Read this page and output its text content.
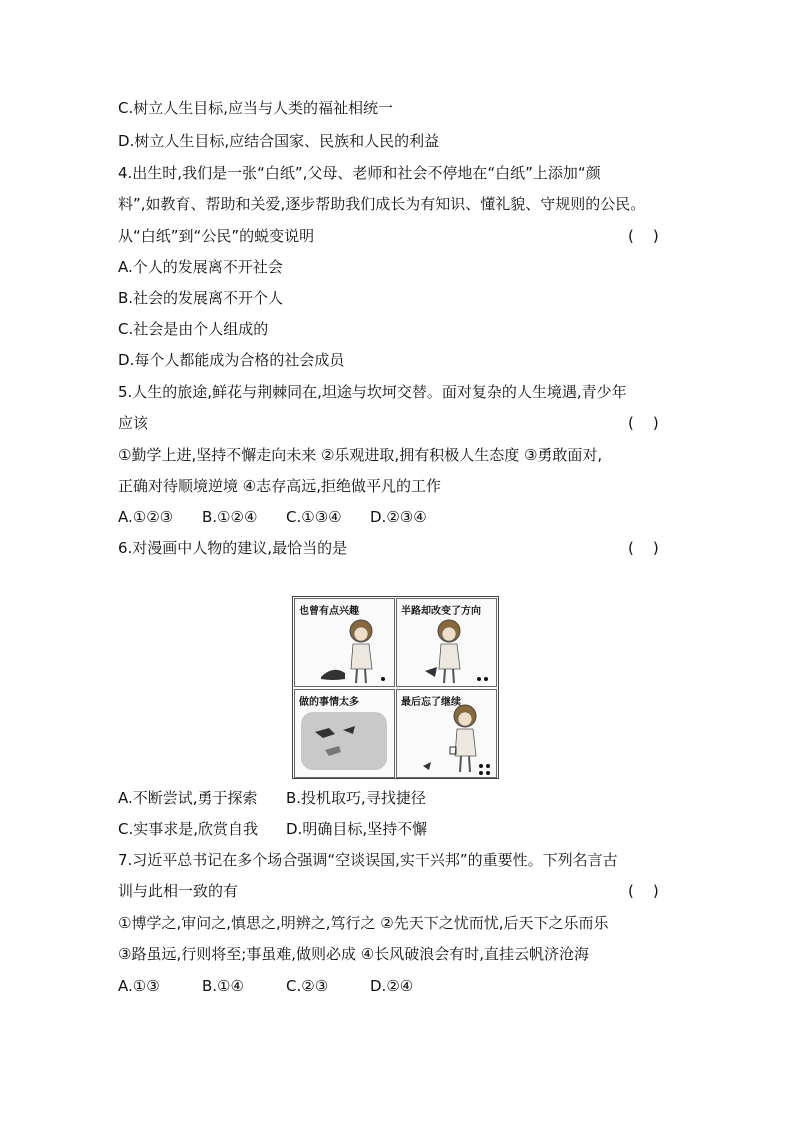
C.树立人生目标,应当与人类的福祉相统一
D.树立人生目标,应结合国家、民族和人民的利益
4.出生时,我们是一张“白纸”,父母、老师和社会不停地在“白纸”上添加“颜
料”,如教育、帮助和关爱,逐步帮助我们成长为有知识、懂礼貌、守规则的公民。
从“白纸”到“公民”的蜕变说明	(    )
A.个人的发展离不开社会
B.社会的发展离不开个人
C.社会是由个人组成的
D.每个人都能成为合格的社会成员
5.人生的旅途,鲜花与荆棘同在,坦途与坎坷交替。面对复杂的人生境遇,青少年
应该	(    )
①勤学上进,坚持不懈走向未来 ②乐观进取,拥有积极人生态度 ③勇敢面对,
正确对待顺境逆境 ④志存高远,拒绝做平凡的工作
A.①②③ B.①②④ C.①③④ D.②③④
6.对漫画中人物的建议,最恰当的是	(    )
也曾有点兴趣	半路却改变了方向
做的事情太多	最后忘了继续
A.不断尝试,勇于探索 B.投机取巧,寻找捷径
C.实事求是,欣赏自我 D.明确目标,坚持不懈
7.习近平总书记在多个场合强调“空谈误国,实干兴邦”的重要性。下列名言古
训与此相一致的有	(    )
①博学之,审问之,慎思之,明辨之,笃行之 ②先天下之忧而忧,后天下之乐而乐
③路虽远,行则将至;事虽难,做则必成 ④长风破浪会有时,直挂云帆济沧海
A.①③	B.①④	C.②③	D.②④
